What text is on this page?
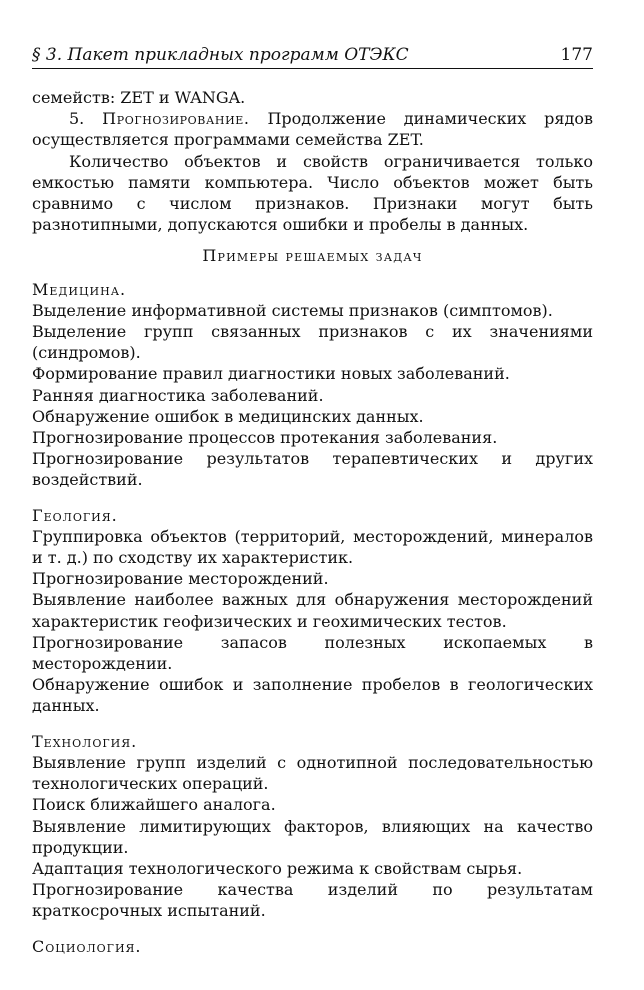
§ 3. Пакет прикладных программ ОТЭКС	177

семейств: ZET и WANGA.

5. Прогнозирование. Продолжение динамических рядов осуществляется программами семейства ZET.

Количество объектов и свойств ограничивается только емкостью памяти компьютера. Число объектов может быть сравнимо с числом признаков. Признаки могут быть разнотипными, допускаются ошибки и пробелы в данных.

Примеры решаемых задач

Медицина.

Выделение информативной системы признаков (симптомов).

Выделение групп связанных признаков с их значениями (синдромов).

Формирование правил диагностики новых заболеваний.

Ранняя диагностика заболеваний.

Обнаружение ошибок в медицинских данных.

Прогнозирование процессов протекания заболевания.

Прогнозирование результатов терапевтических и других воздействий.

Геология.

Группировка объектов (территорий, месторождений, минералов и т. д.) по сходству их характеристик.

Прогнозирование месторождений.

Выявление наиболее важных для обнаружения месторождений характеристик геофизических и геохимических тестов.

Прогнозирование запасов полезных ископаемых в месторождении.

Обнаружение ошибок и заполнение пробелов в геологических данных.

Технология.

Выявление групп изделий с однотипной последовательностью технологических операций.

Поиск ближайшего аналога.

Выявление лимитирующих факторов, влияющих на качество продукции.

Адаптация технологического режима к свойствам сырья.

Прогнозирование качества изделий по результатам краткосрочных испытаний.

Социология.
